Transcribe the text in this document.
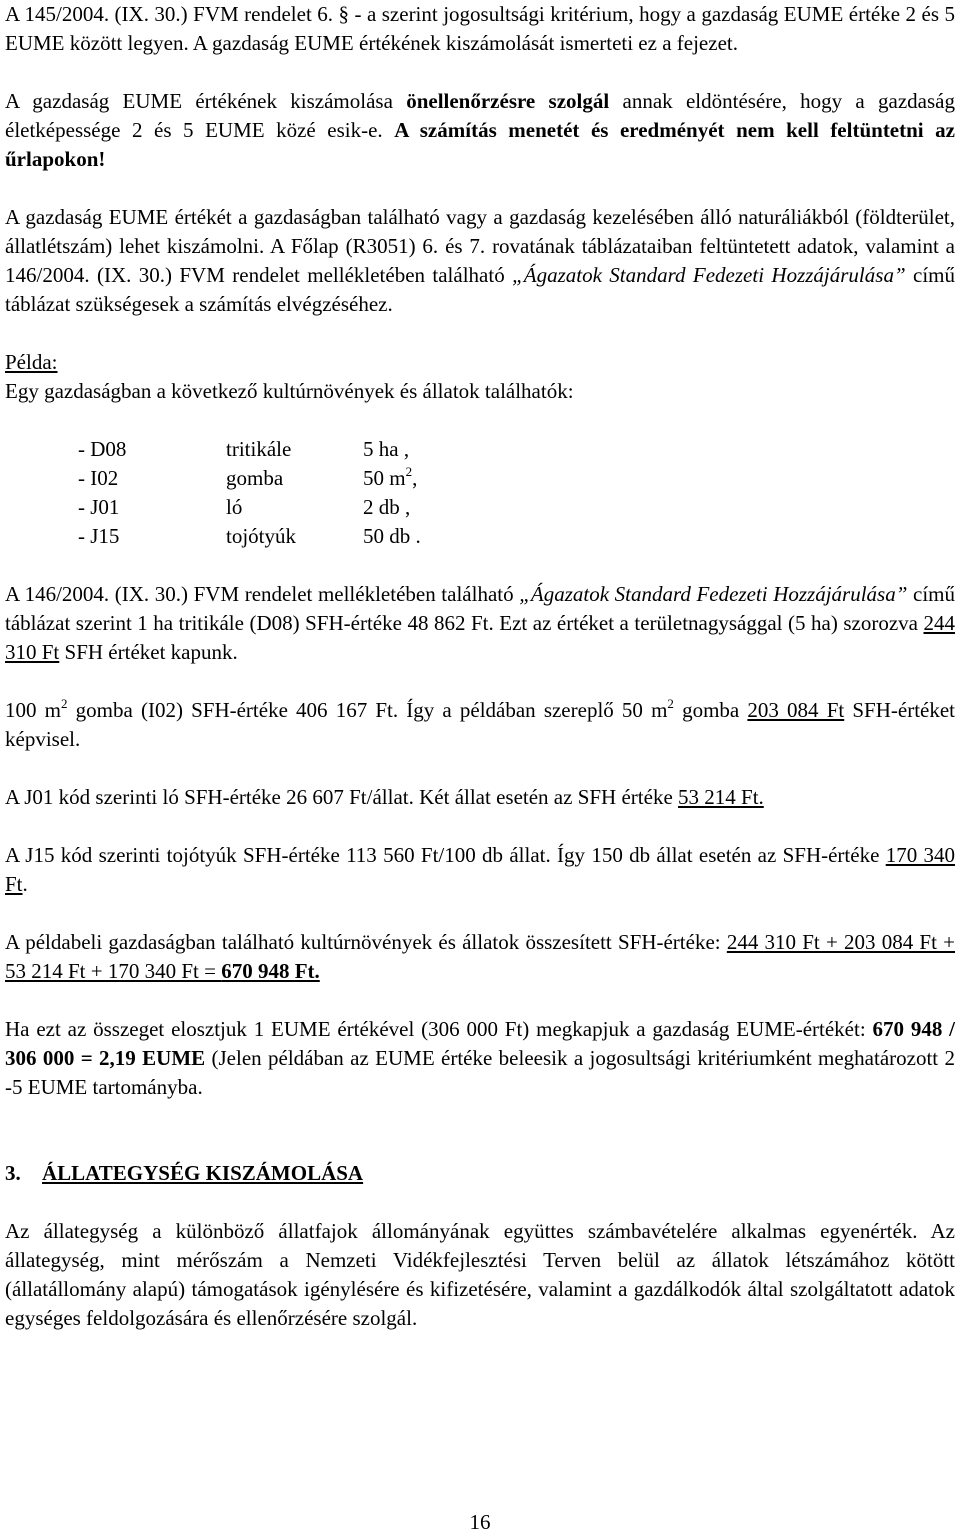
A 145/2004. (IX. 30.) FVM rendelet 6. § - a szerint jogosultsági kritérium, hogy a gazdaság EUME értéke 2 és 5 EUME között legyen. A gazdaság EUME értékének kiszámolását ismerteti ez a fejezet.

A gazdaság EUME értékének kiszámolása önellenőrzésre szolgál annak eldöntésére, hogy a gazdaság életképessége 2 és 5 EUME közé esik-e. A számítás menetét és eredményét nem kell feltüntetni az űrlapokon!

A gazdaság EUME értékét a gazdaságban található vagy a gazdaság kezelésében álló naturáliákból (földterület, állatlétszám) lehet kiszámolni. A Főlap (R3051) 6. és 7. rovatának táblázataiban feltüntetett adatok, valamint a 146/2004. (IX. 30.) FVM rendelet mellékletében található „Ágazatok Standard Fedezeti Hozzájárulása” című táblázat szükségesek a számítás elvégzéséhez.

Példa:

Egy gazdaságban a következő kultúrnövények és állatok találhatók:

- D08	tritikále	5 ha ,
- I02	gomba	50 $m^2$,
- J01	ló	2 db ,
- J15	tojótyúk	50 db .

A 146/2004. (IX. 30.) FVM rendelet mellékletében található „Ágazatok Standard Fedezeti Hozzájárulása” című táblázat szerint 1 ha tritikále (D08) SFH-értéke 48 862 Ft. Ezt az értéket a területnagysággal (5 ha) szorozva 244 310 Ft SFH értéket kapunk.

100 $m^2$ gomba (I02) SFH-értéke 406 167 Ft. Így a példában szereplő 50 $m^2$ gomba 203 084 Ft SFH-értéket képvisel.

A J01 kód szerinti ló SFH-értéke 26 607 Ft/állat. Két állat esetén az SFH értéke 53 214 Ft.

A J15 kód szerinti tojótyúk SFH-értéke 113 560 Ft/100 db állat. Így 150 db állat esetén az SFH-értéke 170 340 Ft.

A példabeli gazdaságban található kultúrnövények és állatok összesített SFH-értéke: 244 310 Ft + 203 084 Ft + 53 214 Ft + 170 340 Ft = 670 948 Ft.

Ha ezt az összeget elosztjuk 1 EUME értékével (306 000 Ft) megkapjuk a gazdaság EUME-értékét: 670 948 / 306 000 = 2,19 EUME (Jelen példában az EUME értéke beleesik a jogosultsági kritériumként meghatározott 2 -5 EUME tartományba.

3. ÁLLATEGYSÉG KISZÁMOLÁSA

Az állategység a különböző állatfajok állományának együttes számbavételére alkalmas egyenérték. Az állategység, mint mérőszám a Nemzeti Vidékfejlesztési Terven belül az állatok létszámához kötött (állatállomány alapú) támogatások igénylésére és kifizetésére, valamint a gazdálkodók által szolgáltatott adatok egységes feldolgozására és ellenőrzésére szolgál.

16
